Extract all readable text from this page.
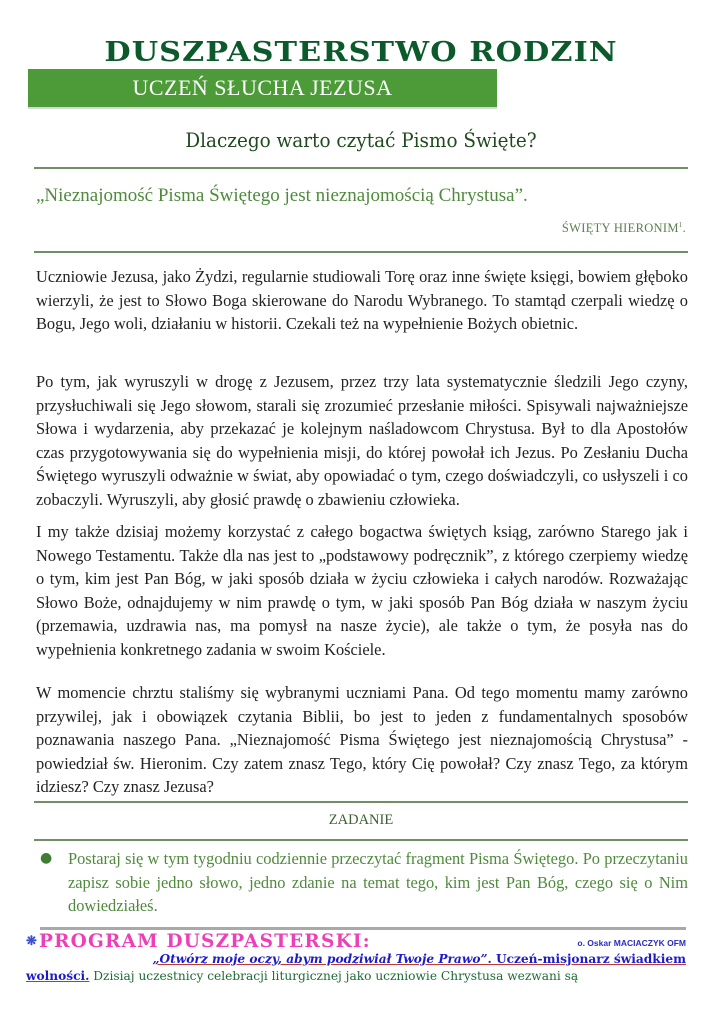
DUSZPASTERSTWO RODZIN
UCZEŃ SŁUCHA JEZUSA
Dlaczego warto czytać Pismo Święte?
„Nieznajomość Pisma Świętego jest nieznajomością Chrystusa”.
ŚWIĘTY HIERONIM$^1$.
Uczniowie Jezusa, jako Żydzi, regularnie studiowali Torę oraz inne święte księgi, bowiem głęboko wierzyli, że jest to Słowo Boga skierowane do Narodu Wybranego. To stamtąd czerpali wiedzę o Bogu, Jego woli, działaniu w historii. Czekali też na wypełnienie Bożych obietnic.
Po tym, jak wyruszyli w drogę z Jezusem, przez trzy lata systematycznie śledzili Jego czyny, przysłuchiwali się Jego słowom, starali się zrozumieć przesłanie miłości. Spisywali najważniejsze Słowa i wydarzenia, aby przekazać je kolejnym naśladowcom Chrystusa. Był to dla Apostołów czas przygotowywania się do wypełnienia misji, do której powołał ich Jezus. Po Zesłaniu Ducha Świętego wyruszyli odważnie w świat, aby opowiadać o tym, czego doświadczyli, co usłyszeli i co zobaczyli. Wyruszyli, aby głosić prawdę o zbawieniu człowieka.
I my także dzisiaj możemy korzystać z całego bogactwa świętych ksiąg, zarówno Starego jak i Nowego Testamentu. Także dla nas jest to „podstawowy podręcznik”, z którego czerpiemy wiedzę o tym, kim jest Pan Bóg, w jaki sposób działa w życiu człowieka i całych narodów. Rozważając Słowo Boże, odnajdujemy w nim prawdę o tym, w jaki sposób Pan Bóg działa w naszym życiu (przemawia, uzdrawia nas, ma pomysł na nasze życie), ale także o tym, że posyła nas do wypełnienia konkretnego zadania w swoim Kościele.
W momencie chrztu staliśmy się wybranymi uczniami Pana. Od tego momentu mamy zarówno przywilej, jak i obowiązek czytania Biblii, bo jest to jeden z fundamentalnych sposobów poznawania naszego Pana. „Nieznajomość Pisma Świętego jest nieznajomością Chrystusa” - powiedział św. Hieronim. Czy zatem znasz Tego, który Cię powołał? Czy znasz Tego, za którym idziesz? Czy znasz Jezusa?
ZADANIE
● Postaraj się w tym tygodniu codziennie przeczytać fragment Pisma Świętego. Po przeczytaniu zapisz sobie jedno słowo, jedno zdanie na temat tego, kim jest Pan Bóg, czego się o Nim dowiedziałeś.
❋ PROGRAM DUSZPASTERSKI:	o. Oskar MACIACZYK OFM
„Otwórz moje oczy, abym podziwiał Twoje Prawo”. Uczeń-misjonarz świadkiem
wolności. Dzisiaj uczestnicy celebracji liturgicznej jako uczniowie Chrystusa wezwani są
